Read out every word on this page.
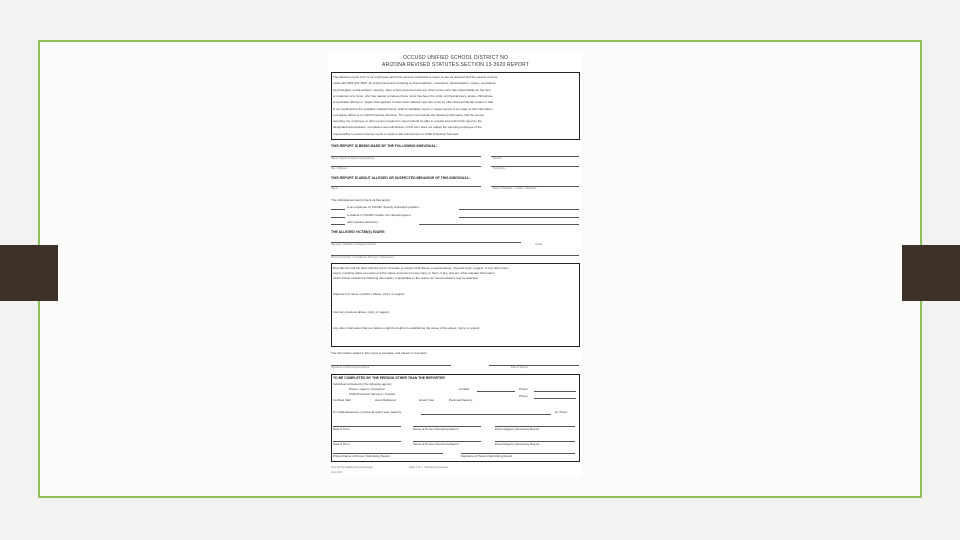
OCCUSD UNIFIED SCHOOL DISTRICT NO
ARIZONA REVISED STATUTES SECTION 13-3620 REPORT
The following report form is for employees and other persons mandated to report to use as required and the reports must be
made with ARS §13-3620. All school personnel including contract teachers, counselors, administrators, nurses, counselors,
psychologists, social workers, security, other school personnel and any other person who has responsibility for the care
or treatment of a minor, who has reason to believe that a minor has been the victim of physical injury, abuse, child abuse,
a reportable offense or neglect that appears to have been inflicted upon the minor by other than accidental means or that
is not explained by the available medical history, shall immediately report or cause reports to be made of this information
to a peace officer or to Child Protective Services. The report must include the following information that the person
reporting, the employee or other person required to report should be able to provide and submit this report to the
designated administrator. Completion and submission of this form does not relieve the reporting employee of the
responsibility to ensure that the report is made to law enforcement or Child Protective Services.
THIS REPORT IS BEING MADE BY THE FOLLOWING INDIVIDUAL:
Name / Name of Reporting Employee	Position
Site / Address	Telephone
THIS REPORT IS ABOUT ALLEGED OR SUSPECTED BEHAVIOR OF THIS INDIVIDUAL:
Name	Date of Situation / Location / Behavior
The individual accused (check all that apply):
is an employee of TUHSD. Specify school/job position:
a student in TUHSD. Grade: her Name/program:
other (please describe):
THE ALLEGED VICTIM(S) IS/ARE:
Name(s) / Grade(s) of Alleged Victim(s)	Grade
Victim's Parent(s) / Guardian(s) Name(s) / Address(es)
Describe the call the facts that led you to conclude or suspect that abuse or sexual abuse, physical injury, neglect, or any other harm
report, including dates of events and the nature and extent of any injury or harm, if any, and any other relevant information
which should include the following information, if applicable or the reason for documentation may be attached.
Statement of name of victim's abuse, injury or neglect:
Give any previous abuse, injury or neglect:
Any other information that you believe might be helpful in establishing the cause of the abuse, injury or neglect:
The information stated in this report is accurate, and based on true facts.
Signature of Reporting Employee	Date of Report
TO BE COMPLETED BY THE PERSON OTHER THAN THE REPORTER
Individual contacted by the following agency:
Phone / Agency Contacted
Child Protective Services / Contact
Certified Mail	Hand Delivered	Email / Fax	Personal Delivery
Contact	Phone
Phone
An initial telephone or personal report was made by	at (Time)
Date & Time	Name of Person Receiving Report	Person/Agency Receiving Report
Date & Time	Name of Person Receiving Report	Person/Agency Receiving Report
Printed Name of Person Submitting Report	Signature of Person Submitting Report
Dist: Personnel/Reporting Employee
Form #13
Page 1 of 1 · Revised Procedures
